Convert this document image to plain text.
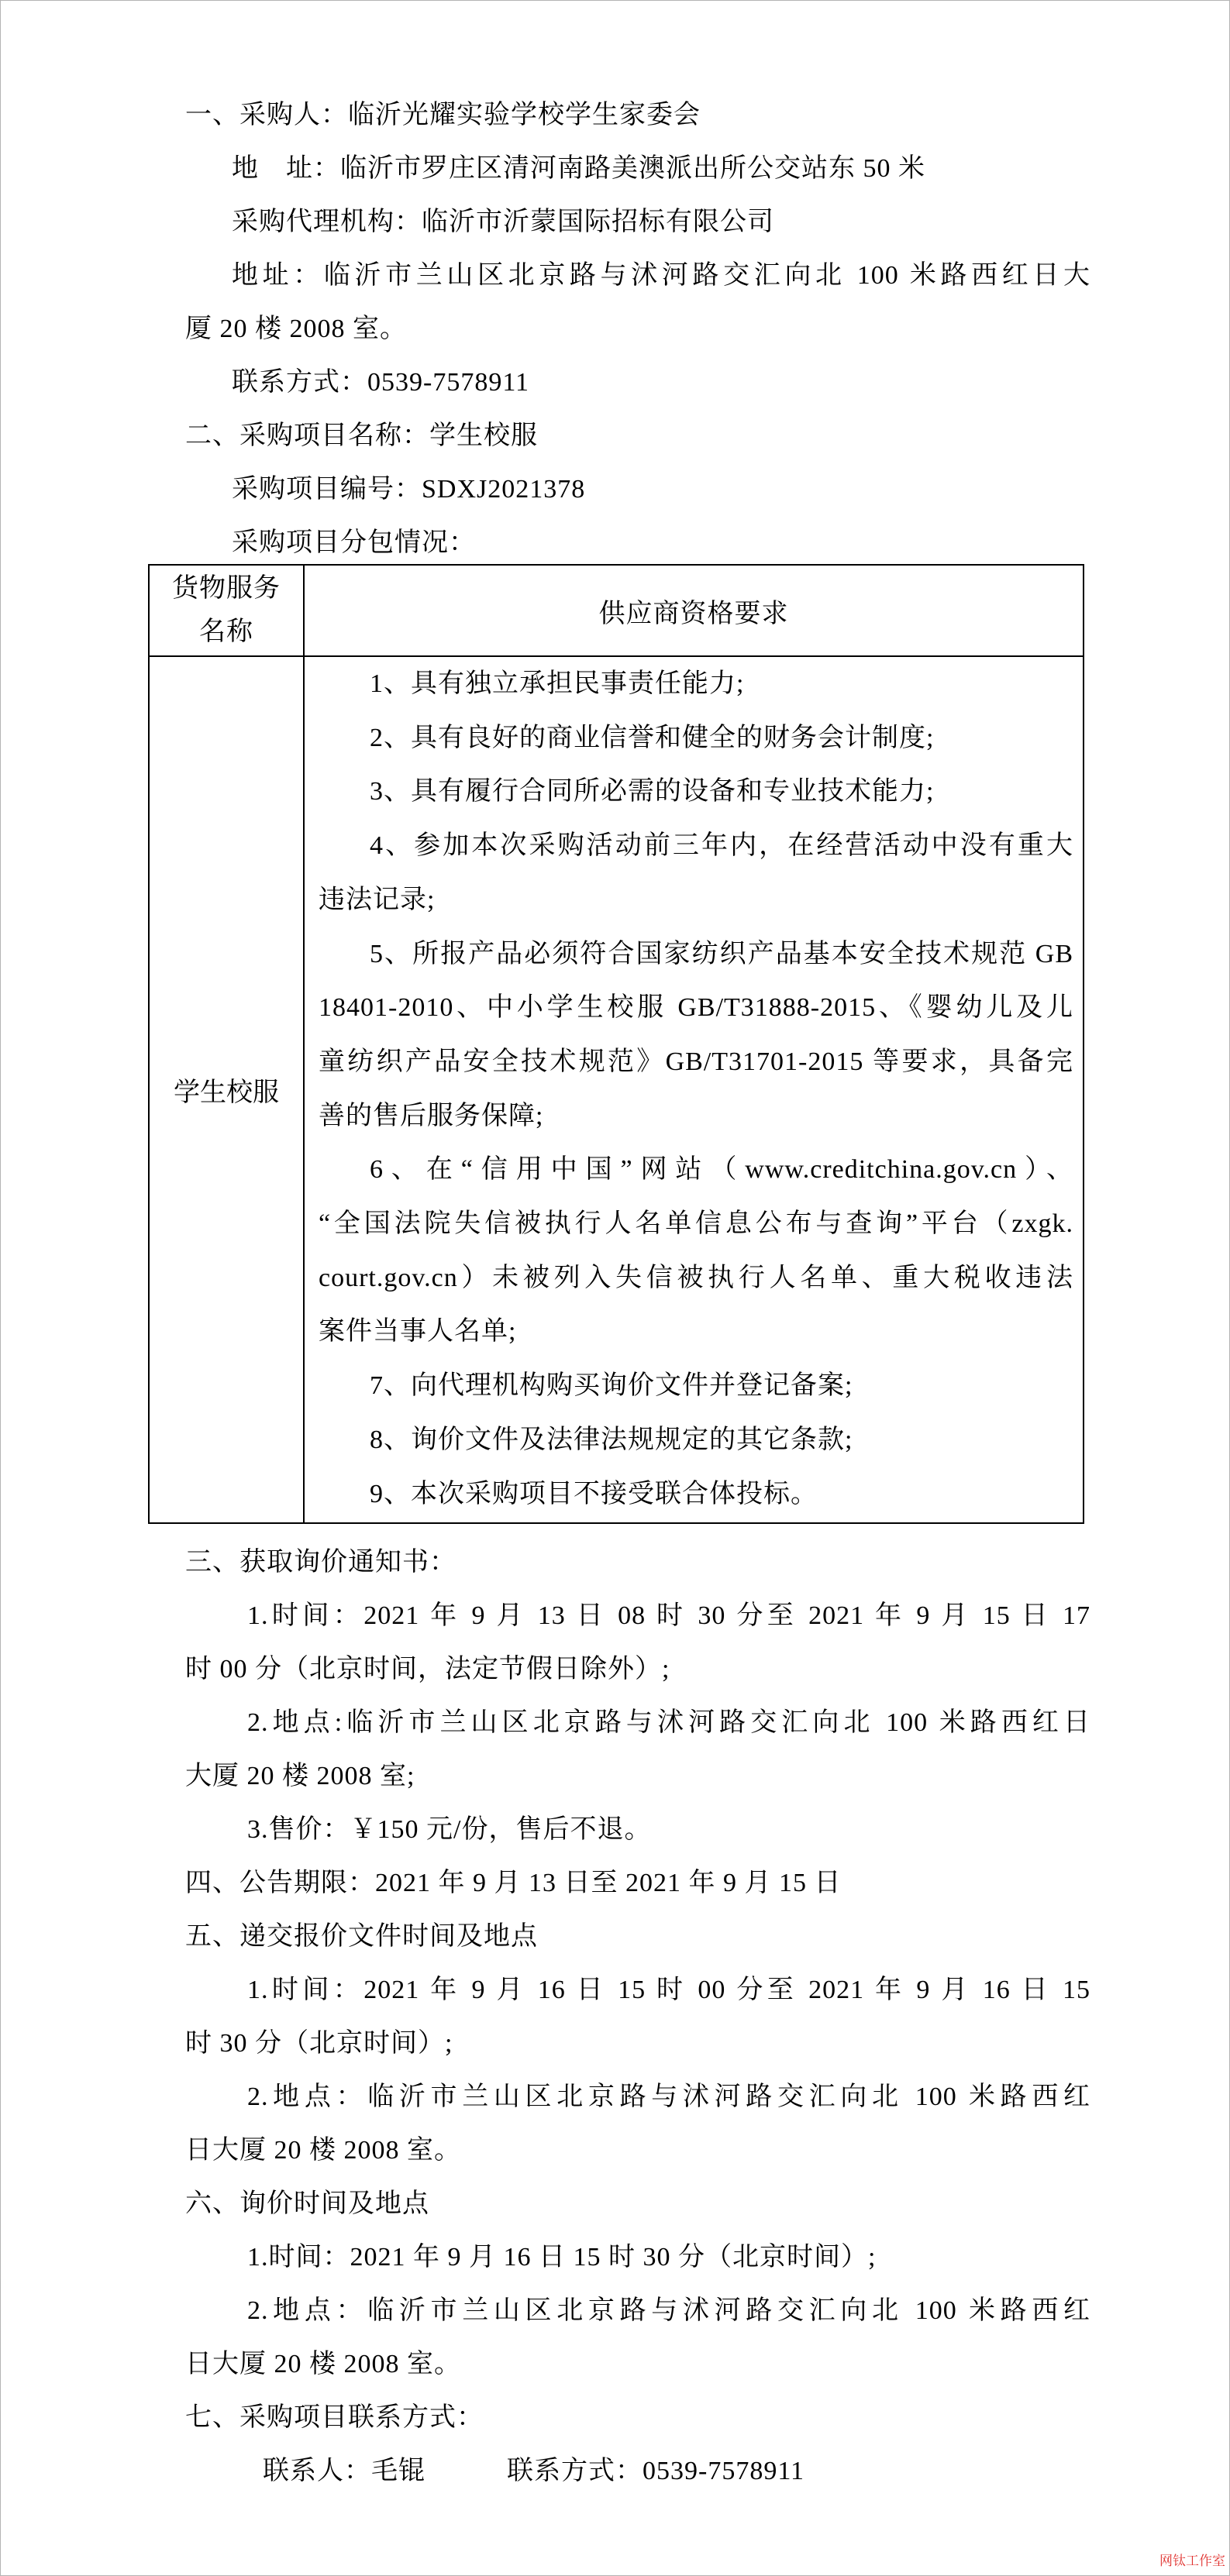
一、采购人：临沂光耀实验学校学生家委会
地　址：临沂市罗庄区清河南路美澳派出所公交站东 50 米
采购代理机构：临沂市沂蒙国际招标有限公司
地址：临沂市兰山区北京路与沭河路交汇向北 100 米路西红日大
厦 20 楼 2008 室。
联系方式：0539-7578911
二、采购项目名称：学生校服
采购项目编号：SDXJ2021378
采购项目分包情况：
货物服务
名称	供应商资格要求
学生校服	
1、具有独立承担民事责任能力;
2、具有良好的商业信誉和健全的财务会计制度;
3、具有履行合同所必需的设备和专业技术能力;
4、参加本次采购活动前三年内，在经营活动中没有重大
违法记录;
5、所报产品必须符合国家纺织产品基本安全技术规范 GB
18401-2010、中小学生校服 GB/T31888-2015、《婴幼儿及儿
童纺织产品安全技术规范》GB/T31701-2015 等要求，具备完
善的售后服务保障;
6、在“信用中国”网站（www.creditchina.gov.cn）、
“全国法院失信被执行人名单信息公布与查询”平台（zxgk.
court.gov.cn）未被列入失信被执行人名单、重大税收违法
案件当事人名单;
7、向代理机构购买询价文件并登记备案;
8、询价文件及法律法规规定的其它条款;
9、本次采购项目不接受联合体投标。
三、获取询价通知书：
1.时间：2021 年 9 月 13 日 08 时 30 分至 2021 年 9 月 15 日 17
时 00 分（北京时间，法定节假日除外）;
2.地点:临沂市兰山区北京路与沭河路交汇向北 100 米路西红日
大厦 20 楼 2008 室;
3.售价：￥150 元/份，售后不退。
四、公告期限：2021 年 9 月 13 日至 2021 年 9 月 15 日
五、递交报价文件时间及地点
1.时间：2021 年 9 月 16 日 15 时 00 分至 2021 年 9 月 16 日 15
时 30 分（北京时间）;
2.地点：临沂市兰山区北京路与沭河路交汇向北 100 米路西红
日大厦 20 楼 2008 室。
六、询价时间及地点
1.时间：2021 年 9 月 16 日 15 时 30 分（北京时间）;
2.地点：临沂市兰山区北京路与沭河路交汇向北 100 米路西红
日大厦 20 楼 2008 室。
七、采购项目联系方式：
联系人：毛锟　　　联系方式：0539-7578911
网钛工作室
